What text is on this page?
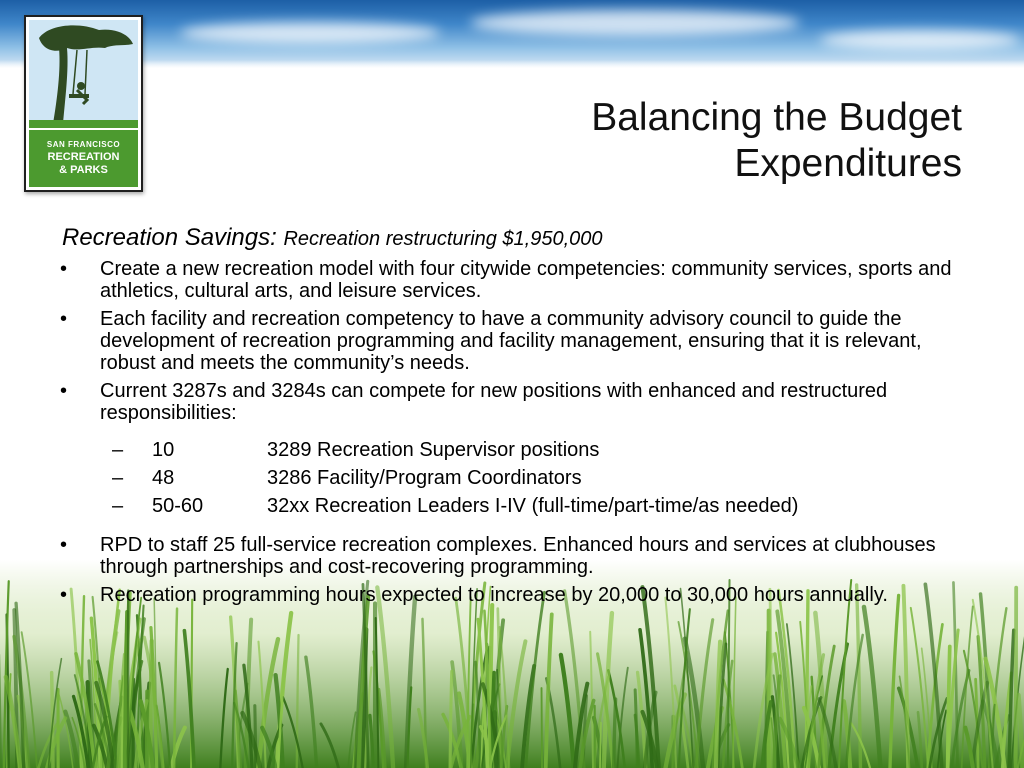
SAN FRANCISCO
RECREATION
& PARKS
Balancing the Budget
Expenditures
Recreation Savings: Recreation restructuring $1,950,000
• Create a new recreation model with four citywide competencies: community services, sports and athletics, cultural arts, and leisure services.
• Each facility and recreation competency to have a community advisory council to guide the development of recreation programming and facility management, ensuring that it is relevant, robust and meets the community’s needs.
• Current 3287s and 3284s can compete for new positions with enhanced and restructured responsibilities:
– 10	3289 Recreation Supervisor positions
– 48	3286 Facility/Program Coordinators
– 50-60	32xx Recreation Leaders I-IV (full-time/part-time/as needed)
• RPD to staff 25 full-service recreation complexes. Enhanced hours and services at clubhouses through partnerships and cost-recovering programming.
• Recreation programming hours expected to increase by 20,000 to 30,000 hours annually.
